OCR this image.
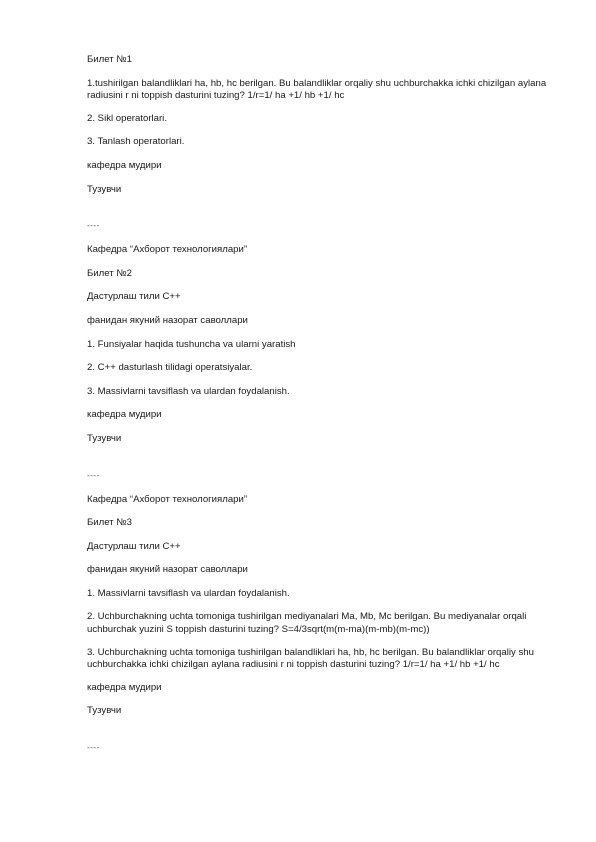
Билет №1

1.tushirilgan balandliklari ha, hb, hc berilgan. Bu balandliklar orqaliy shu uchburchakka ichki chizilgan aylana radiusini r ni toppish dasturini tuzing? 1/r=1/ ha +1/ hb +1/ hc

2. Sikl operatorlari.

3. Tanlash operatorlari.

кафедра мудири

Тузувчи

----

Кафедра “Ахборот технологиялари”

Билет №2

Дастурлаш тили C++

фанидан якуний назорат саволлари

1. Funsiyalar haqida tushuncha va ularni yaratish

2. C++ dasturlash tilidagi operatsiyalar.

3. Massivlarni tavsiflash va ulardan foydalanish.

кафедра мудири

Тузувчи

----

Кафедра “Ахборот технологиялари”

Билет №3

Дастурлаш тили C++

фанидан якуний назорат саволлари

1. Massivlarni tavsiflash va ulardan foydalanish.

2. Uchburchakning uchta tomoniga tushirilgan mediyanalari Ma, Mb, Mc berilgan. Bu mediyanalar orqali uchburchak yuzini S toppish dasturini tuzing? S=4/3sqrt(m(m-ma)(m-mb)(m-mc))

3. Uchburchakning uchta tomoniga tushirilgan balandliklari ha, hb, hc berilgan. Bu balandliklar orqaliy shu uchburchakka ichki chizilgan aylana radiusini r ni toppish dasturini tuzing? 1/r=1/ ha +1/ hb +1/ hc

кафедра мудири

Тузувчи

----
